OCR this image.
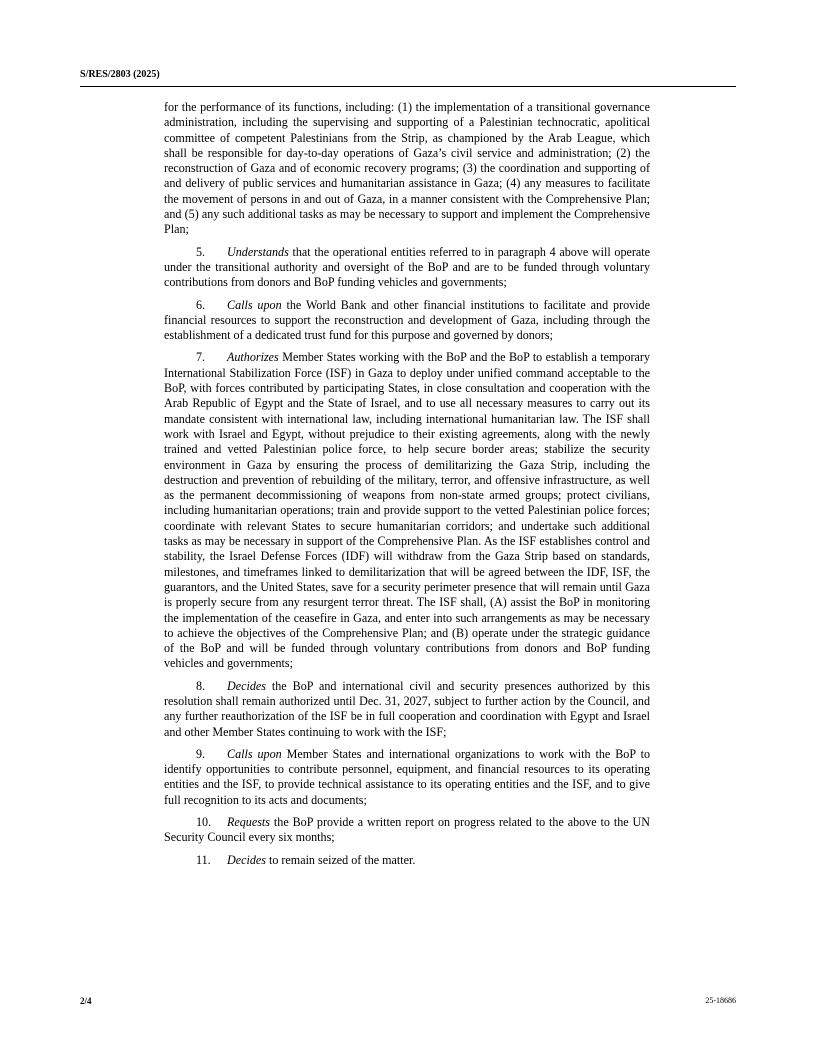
S/RES/2803 (2025)

for the performance of its functions, including: (1) the implementation of a transitional governance administration, including the supervising and supporting of a Palestinian technocratic, apolitical committee of competent Palestinians from the Strip, as championed by the Arab League, which shall be responsible for day-to-day operations of Gaza’s civil service and administration; (2) the reconstruction of Gaza and of economic recovery programs; (3) the coordination and supporting of and delivery of public services and humanitarian assistance in Gaza; (4) any measures to facilitate the movement of persons in and out of Gaza, in a manner consistent with the Comprehensive Plan; and (5) any such additional tasks as may be necessary to support and implement the Comprehensive Plan;

5. Understands that the operational entities referred to in paragraph 4 above will operate under the transitional authority and oversight of the BoP and are to be funded through voluntary contributions from donors and BoP funding vehicles and governments;

6. Calls upon the World Bank and other financial institutions to facilitate and provide financial resources to support the reconstruction and development of Gaza, including through the establishment of a dedicated trust fund for this purpose and governed by donors;

7. Authorizes Member States working with the BoP and the BoP to establish a temporary International Stabilization Force (ISF) in Gaza to deploy under unified command acceptable to the BoP, with forces contributed by participating States, in close consultation and cooperation with the Arab Republic of Egypt and the State of Israel, and to use all necessary measures to carry out its mandate consistent with international law, including international humanitarian law. The ISF shall work with Israel and Egypt, without prejudice to their existing agreements, along with the newly trained and vetted Palestinian police force, to help secure border areas; stabilize the security environment in Gaza by ensuring the process of demilitarizing the Gaza Strip, including the destruction and prevention of rebuilding of the military, terror, and offensive infrastructure, as well as the permanent decommissioning of weapons from non-state armed groups; protect civilians, including humanitarian operations; train and provide support to the vetted Palestinian police forces; coordinate with relevant States to secure humanitarian corridors; and undertake such additional tasks as may be necessary in support of the Comprehensive Plan. As the ISF establishes control and stability, the Israel Defense Forces (IDF) will withdraw from the Gaza Strip based on standards, milestones, and timeframes linked to demilitarization that will be agreed between the IDF, ISF, the guarantors, and the United States, save for a security perimeter presence that will remain until Gaza is properly secure from any resurgent terror threat. The ISF shall, (A) assist the BoP in monitoring the implementation of the ceasefire in Gaza, and enter into such arrangements as may be necessary to achieve the objectives of the Comprehensive Plan; and (B) operate under the strategic guidance of the BoP and will be funded through voluntary contributions from donors and BoP funding vehicles and governments;

8. Decides the BoP and international civil and security presences authorized by this resolution shall remain authorized until Dec. 31, 2027, subject to further action by the Council, and any further reauthorization of the ISF be in full cooperation and coordination with Egypt and Israel and other Member States continuing to work with the ISF;

9. Calls upon Member States and international organizations to work with the BoP to identify opportunities to contribute personnel, equipment, and financial resources to its operating entities and the ISF, to provide technical assistance to its operating entities and the ISF, and to give full recognition to its acts and documents;

10. Requests the BoP provide a written report on progress related to the above to the UN Security Council every six months;

11. Decides to remain seized of the matter.

2/4	25-18686
